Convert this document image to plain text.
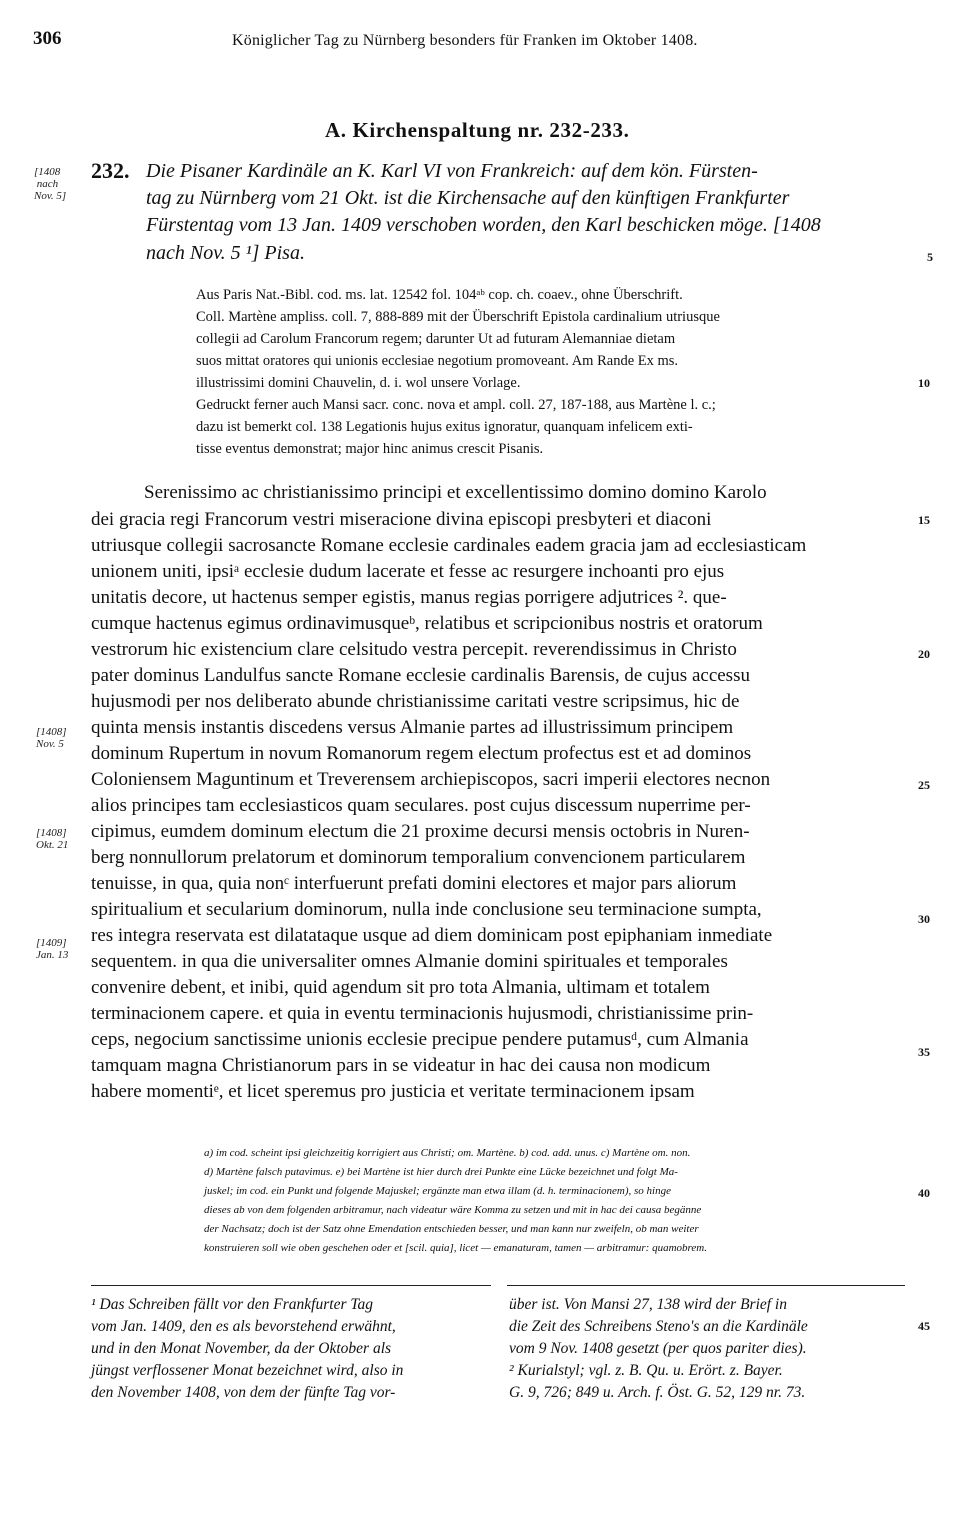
306	Königlicher Tag zu Nürnberg besonders für Franken im Oktober 1408.
A. Kirchenspaltung nr. 232-233.
232. Die Pisaner Kardinäle an K. Karl VI von Frankreich: auf dem kön. Fürsten-
tag zu Nürnberg vom 21 Okt. ist die Kirchensache auf den künftigen Frankfurter
Fürstentag vom 13 Jan. 1409 verschoben worden, den Karl beschicken möge. [1408
nach Nov. 5 ¹] Pisa.
[1408
nach
Nov. 5]
[1408]
Nov. 5
[1408]
Okt. 21
[1409]
Jan. 13
5
10
15
20
25
30
35
40
45
Aus Paris Nat.-Bibl. cod. ms. lat. 12542 fol. 104ᵃᵇ cop. ch. coaev., ohne Überschrift.
Coll. Martène ampliss. coll. 7, 888-889 mit der Überschrift Epistola cardinalium utriusque
collegii ad Carolum Francorum regem; darunter Ut ad futuram Alemanniae dietam
suos mittat oratores qui unionis ecclesiae negotium promoveant. Am Rande Ex ms.
illustrissimi domini Chauvelin, d. i. wol unsere Vorlage.
Gedruckt ferner auch Mansi sacr. conc. nova et ampl. coll. 27, 187-188, aus Martène l. c.;
dazu ist bemerkt col. 138 Legationis hujus exitus ignoratur, quanquam infelicem exti-
tisse eventus demonstrat; major hinc animus crescit Pisanis.
Serenissimo ac christianissimo principi et excellentissimo domino domino Karolo
dei gracia regi Francorum vestri miseracione divina episcopi presbyteri et diaconi
utriusque collegii sacrosancte Romane ecclesie cardinales eadem gracia jam ad ecclesiasticam
unionem uniti, ipsiᵃ ecclesie dudum lacerate et fesse ac resurgere inchoanti pro ejus
unitatis decore, ut hactenus semper egistis, manus regias porrigere adjutrices ². que-
cumque hactenus egimus ordinavimusqueᵇ, relatibus et scripcionibus nostris et oratorum
vestrorum hic existencium clare celsitudo vestra percepit. reverendissimus in Christo
pater dominus Landulfus sancte Romane ecclesie cardinalis Barensis, de cujus accessu
hujusmodi per nos deliberato abunde christianissime caritati vestre scripsimus, hic de
quinta mensis instantis discedens versus Almanie partes ad illustrissimum principem
dominum Rupertum in novum Romanorum regem electum profectus est et ad dominos
Coloniensem Maguntinum et Treverensem archiepiscopos, sacri imperii electores necnon
alios principes tam ecclesiasticos quam seculares. post cujus discessum nuperrime per-
cipimus, eumdem dominum electum die 21 proxime decursi mensis octobris in Nuren-
berg nonnullorum prelatorum et dominorum temporalium convencionem particularem
tenuisse, in qua, quia nonᶜ interfuerunt prefati domini electores et major pars aliorum
spiritualium et secularium dominorum, nulla inde conclusione seu terminacione sumpta,
res integra reservata est dilatataque usque ad diem dominicam post epiphaniam inmediate
sequentem. in qua die universaliter omnes Almanie domini spirituales et temporales
convenire debent, et inibi, quid agendum sit pro tota Almania, ultimam et totalem
terminacionem capere. et quia in eventu terminacionis hujusmodi, christianissime prin-
ceps, negocium sanctissime unionis ecclesie precipue pendere putamusᵈ, cum Almania
tamquam magna Christianorum pars in se videatur in hac dei causa non modicum
habere momentiᵉ, et licet speremus pro justicia et veritate terminacionem ipsam
a) im cod. scheint ipsi gleichzeitig korrigiert aus Christi; om. Martène. b) cod. add. unus. c) Martène om. non.
d) Martène falsch putavimus. e) bei Martène ist hier durch drei Punkte eine Lücke bezeichnet und folgt Ma-
juskel; im cod. ein Punkt und folgende Majuskel; ergänzte man etwa illam (d. h. terminacionem), so hinge
dieses ab von dem folgenden arbitramur, nach videatur wäre Komma zu setzen und mit in hac dei causa begänne
der Nachsatz; doch ist der Satz ohne Emendation entschieden besser, und man kann nur zweifeln, ob man weiter
konstruieren soll wie oben geschehen oder et [scil. quia], licet — emanaturam, tamen — arbitramur: quamobrem.
¹ Das Schreiben fällt vor den Frankfurter Tag
vom Jan. 1409, den es als bevorstehend erwähnt,
und in den Monat November, da der Oktober als
jüngst verflossener Monat bezeichnet wird, also in
den November 1408, von dem der fünfte Tag vor-
über ist. Von Mansi 27, 138 wird der Brief in
die Zeit des Schreibens Steno's an die Kardinäle
vom 9 Nov. 1408 gesetzt (per quos pariter dies).
² Kurialstyl; vgl. z. B. Qu. u. Erört. z. Bayer.
G. 9, 726; 849 u. Arch. f. Öst. G. 52, 129 nr. 73.
